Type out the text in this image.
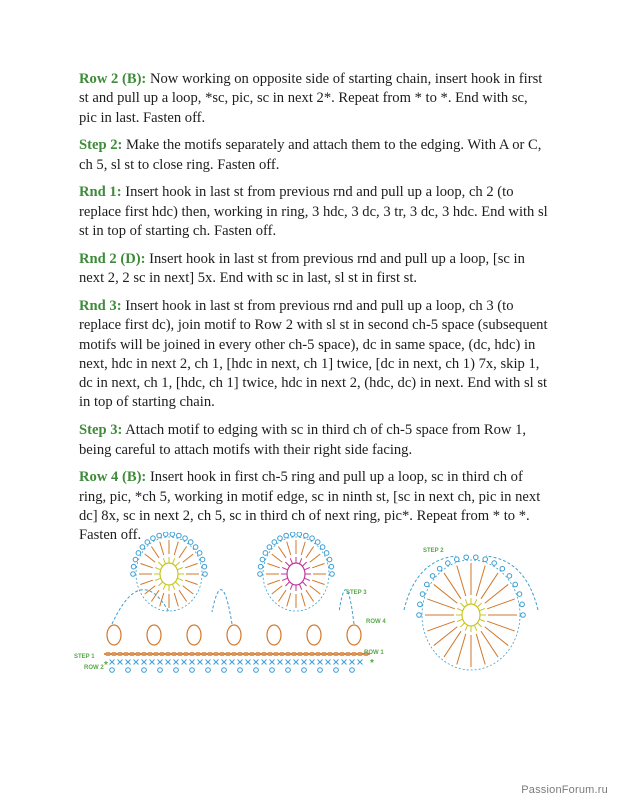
Row 2 (B): Now working on opposite side of starting chain, insert hook in first st and pull up a loop, *sc, pic, sc in next 2*. Repeat from * to *. End with sc, pic in last. Fasten off.

Step 2: Make the motifs separately and attach them to the edging. With A or C, ch 5, sl st to close ring. Fasten off.

Rnd 1: Insert hook in last st from previous rnd and pull up a loop, ch 2 (to replace first hdc) then, working in ring, 3 hdc, 3 dc, 3 tr, 3 dc, 3 hdc. End with sl st in top of starting ch. Fasten off.

Rnd 2 (D): Insert hook in last st from previous rnd and pull up a loop, [sc in next 2, 2 sc in next] 5x. End with sc in last, sl st in first st.

Rnd 3: Insert hook in last st from previous rnd and pull up a loop, ch 3 (to replace first dc), join motif to Row 2 with sl st in second ch-5 space (subsequent motifs will be joined in every other ch-5 space), dc in same space, (dc, hdc) in next, hdc in next 2, ch 1, [hdc in next, ch 1] twice, [dc in next, ch 1) 7x, skip 1, dc in next, ch 1, [hdc, ch 1] twice, hdc in next 2, (hdc, dc) in next. End with sl st in top of starting chain.

Step 3: Attach motif to edging with sc in third ch of ch-5 space from Row 1, being careful to attach motifs with their right side facing.

Row 4 (B): Insert hook in first ch-5 ring and pull up a loop, sc in third ch of ring, pic, *ch 5, working in motif edge, sc in ninth st, [sc in next ch, pic in next dc] 8x, sc in next 2, ch 5, sc in third ch of next ring, pic*. Repeat from * to *. Fasten off.

STEP 3
ROW 4
STEP 1
ROW 2
ROW 1
*	*
STEP 2
PassionForum.ru
